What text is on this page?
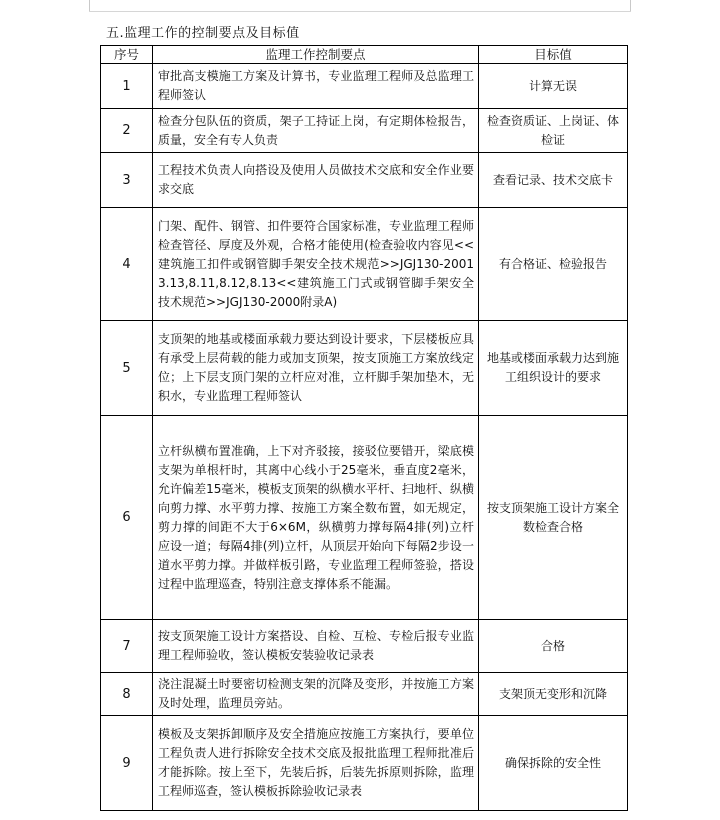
五.监理工作的控制要点及目标值
序号	监理工作控制要点	目标值
1	审批高支模施工方案及计算书，专业监理工程师及总监理工程师签认	计算无误
2	检查分包队伍的资质，架子工持证上岗，有定期体检报告，质量，安全有专人负责	检查资质证、上岗证、体检证
3	工程技术负责人向搭设及使用人员做技术交底和安全作业要求交底	查看记录、技术交底卡
4	门架、配件、钢管、扣件要符合国家标准，专业监理工程师检查管径、厚度及外观，合格才能使用(检查验收内容见<<建筑施工扣件或钢管脚手架安全技术规范>>JGJ130-20013.13,8.11,8.12,8.13<<建筑施工门式或钢管脚手架安全技术规范>>JGJ130-2000附录A)	有合格证、检验报告
5	支顶架的地基或楼面承载力要达到设计要求，下层楼板应具有承受上层荷载的能力或加支顶架，按支顶施工方案放线定位；上下层支顶门架的立杆应对准，立杆脚手架加垫木，无积水，专业监理工程师签认	地基或楼面承载力达到施工组织设计的要求
6	立杆纵横布置准确，上下对齐驳接，接驳位要错开，梁底模支架为单根杆时，其离中心线小于25毫米，垂直度2毫米，允许偏差15毫米，模板支顶架的纵横水平杆、扫地杆、纵横向剪力撑、水平剪力撑、按施工方案全数布置，如无规定，剪力撑的间距不大于6×6M，纵横剪力撑每隔4排(列)立杆应设一道；每隔4排(列)立杆，从顶层开始向下每隔2步设一道水平剪力撑。并做样板引路，专业监理工程师签验，搭设过程中监理巡查，特别注意支撑体系不能漏。	按支顶架施工设计方案全数检查合格
7	按支顶架施工设计方案搭设、自检、互检、专检后报专业监理工程师验收，签认模板安装验收记录表	合格
8	浇注混凝土时要密切检测支架的沉降及变形，并按施工方案及时处理，监理员旁站。	支架顶无变形和沉降
9	模板及支架拆卸顺序及安全措施应按施工方案执行，要单位工程负责人进行拆除安全技术交底及报批监理工程师批准后才能拆除。按上至下，先装后拆，后装先拆原则拆除，监理工程师巡查，签认模板拆除验收记录表	确保拆除的安全性
